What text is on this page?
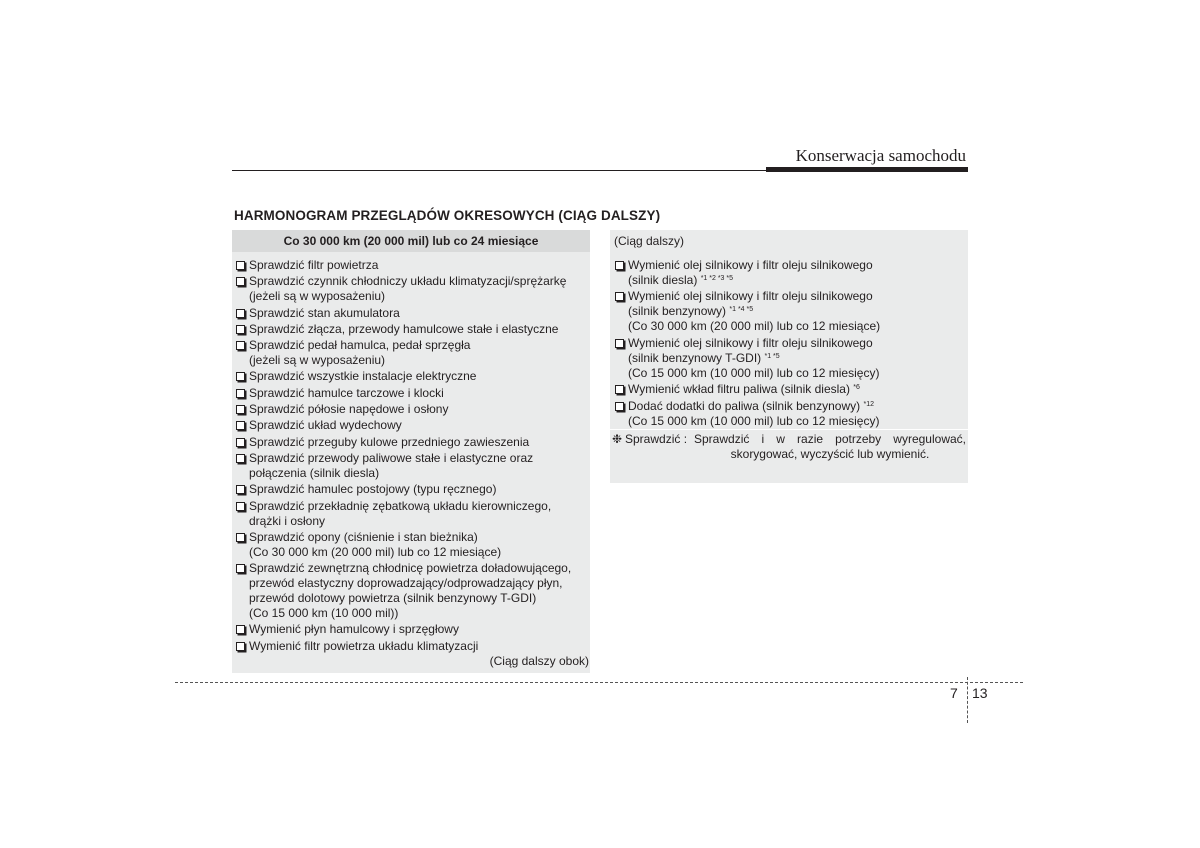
Konserwacja samochodu
HARMONOGRAM PRZEGLĄDÓW OKRESOWYCH (CIĄG DALSZY)
Co 30 000 km (20 000 mil) lub co 24 miesiące
Sprawdzić filtr powietrza
Sprawdzić czynnik chłodniczy układu klimatyzacji/sprężarkę
(jeżeli są w wyposażeniu)
Sprawdzić stan akumulatora
Sprawdzić złącza, przewody hamulcowe stałe i elastyczne
Sprawdzić pedał hamulca, pedał sprzęgła
(jeżeli są w wyposażeniu)
Sprawdzić wszystkie instalacje elektryczne
Sprawdzić hamulce tarczowe i klocki
Sprawdzić półosie napędowe i osłony
Sprawdzić układ wydechowy
Sprawdzić przeguby kulowe przedniego zawieszenia
Sprawdzić przewody paliwowe stałe i elastyczne oraz
połączenia (silnik diesla)
Sprawdzić hamulec postojowy (typu ręcznego)
Sprawdzić przekładnię zębatkową układu kierowniczego,
drążki i osłony
Sprawdzić opony (ciśnienie i stan bieżnika)
(Co 30 000 km (20 000 mil) lub co 12 miesiące)
Sprawdzić zewnętrzną chłodnicę powietrza doładowującego,
przewód elastyczny doprowadzający/odprowadzający płyn,
przewód dolotowy powietrza (silnik benzynowy T-GDI)
(Co 15 000 km (10 000 mil))
Wymienić płyn hamulcowy i sprzęgłowy
Wymienić filtr powietrza układu klimatyzacji
(Ciąg dalszy obok)
(Ciąg dalszy)
Wymienić olej silnikowy i filtr oleju silnikowego
(silnik diesla) $^{*1 *2 *3 *5}$
Wymienić olej silnikowy i filtr oleju silnikowego
(silnik benzynowy) $^{*1 *4 *5}$
(Co 30 000 km (20 000 mil) lub co 12 miesiące)
Wymienić olej silnikowy i filtr oleju silnikowego
(silnik benzynowy T-GDI) $^{*1 *5}$
(Co 15 000 km (10 000 mil) lub co 12 miesięcy)
Wymienić wkład filtru paliwa (silnik diesla) $^{*6}$
Dodać dodatki do paliwa (silnik benzynowy) $^{*12}$
(Co 15 000 km (10 000 mil) lub co 12 miesięcy)
❉ Sprawdzić : Sprawdzić i w razie potrzeby wyregulować,
skorygować, wyczyścić lub wymienić.
7 13
